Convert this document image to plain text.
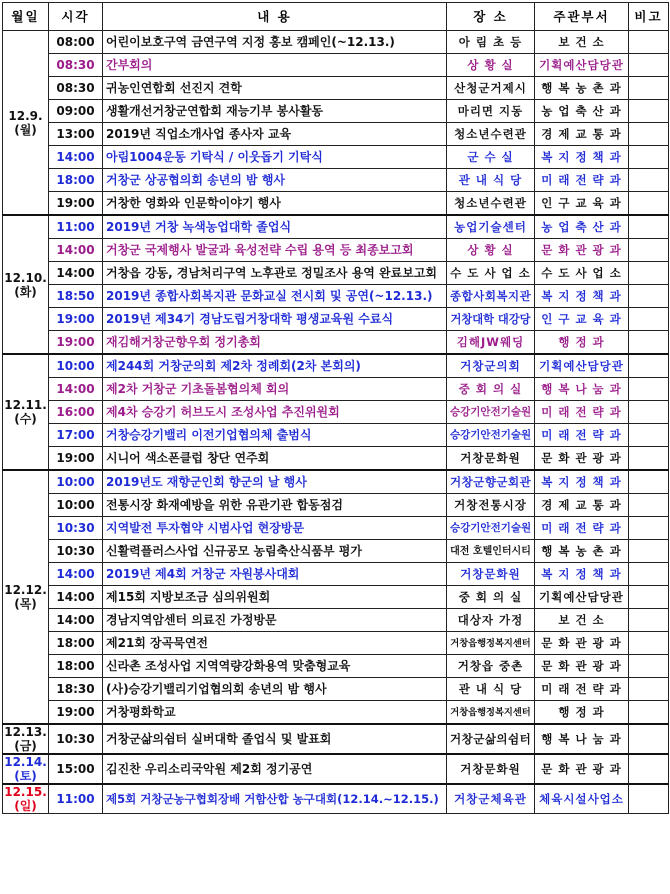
월일	시각	내 용	장 소	주관부서	비고

12.9.
(월)	08:00	어린이보호구역 금연구역 지정 홍보 캠페인(~12.13.)	아 림 초 등	보 건 소	
	08:30	간부회의	상 황 실	기획예산담당관	
	08:30	귀농인연합회 선진지 견학	산청군거제시	행 복 농 촌 과	
	09:00	생활개선거창군연합회 재능기부 봉사활동	마리면 지동	농 업 축 산 과	
	13:00	2019년 직업소개사업 종사자 교육	청소년수련관	경 제 교 통 과	
	14:00	아림1004운동 기탁식 / 이웃돕기 기탁식	군 수 실	복 지 정 책 과	
	18:00	거창군 상공협의회 송년의 밤 행사	관 내 식 당	미 래 전 략 과	
	19:00	거창한 영화와 인문학이야기 행사	청소년수련관	인 구 교 육 과	

12.10.
(화)	11:00	2019년 거창 녹색농업대학 졸업식	농업기술센터	농 업 축 산 과	
	14:00	거창군 국제행사 발굴과 육성전략 수립 용역 등 최종보고회	상 황 실	문 화 관 광 과	
	14:00	거창읍 강동, 경남처리구역 노후관로 정밀조사 용역 완료보고회	수 도 사 업 소	수 도 사 업 소	
	18:50	2019년 종합사회복지관 문화교실 전시회 및 공연(~12.13.)	종합사회복지관	복 지 정 책 과	
	19:00	2019년 제34기 경남도립거창대학 평생교육원 수료식	거창대학 대강당	인 구 교 육 과	
	19:00	재김해거창군향우회 정기총회	김해JW웨딩	행 정 과	

12.11.
(수)	10:00	제244회 거창군의회 제2차 정례회(2차 본회의)	거창군의회	기획예산담당관	
	14:00	제2차 거창군 기초돌봄협의체 회의	중 회 의 실	행 복 나 눔 과	
	16:00	제4차 승강기 허브도시 조성사업 추진위원회	승강기안전기술원	미 래 전 략 과	
	17:00	거창승강기밸리 이전기업협의체 출범식	승강기안전기술원	미 래 전 략 과	
	19:00	시니어 색소폰클럽 창단 연주회	거창문화원	문 화 관 광 과	

12.12.
(목)	10:00	2019년도 재향군인회 향군의 날 행사	거창군향군회관	복 지 정 책 과	
	10:00	전통시장 화재예방을 위한 유관기관 합동점검	거창전통시장	경 제 교 통 과	
	10:30	지역발전 투자협약 시범사업 현장방문	승강기안전기술원	미 래 전 략 과	
	10:30	신활력플러스사업 신규공모 농림축산식품부 평가	대전 호텔인터시티	행 복 농 촌 과	
	14:00	2019년 제4회 거창군 자원봉사대회	거창문화원	복 지 정 책 과	
	14:00	제15회 지방보조금 심의위원회	중 회 의 실	기획예산담당관	
	14:00	경남지역암센터 의료진 가정방문	대상자 가정	보 건 소	
	18:00	제21회 장곡묵연전	거창읍행정복지센터	문 화 관 광 과	
	18:00	신라촌 조성사업 지역역량강화용역 맞춤형교육	거창읍 중촌	문 화 관 광 과	
	18:30	(사)승강기밸리기업협의회 송년의 밤 행사	관 내 식 당	미 래 전 략 과	
	19:00	거창평화학교	거창읍행정복지센터	행 정 과	

12.13.
(금)	10:30	거창군삶의쉼터 실버대학 졸업식 및 발표회	거창군삶의쉼터	행 복 나 눔 과	

12.14.
(토)	15:00	김진찬 우리소리국악원 제2회 정기공연	거창문화원	문 화 관 광 과	

12.15.
(일)	11:00	제5회 거창군농구협회장배 거함산합 농구대회(12.14.~12.15.)	거창군체육관	체육시설사업소	
